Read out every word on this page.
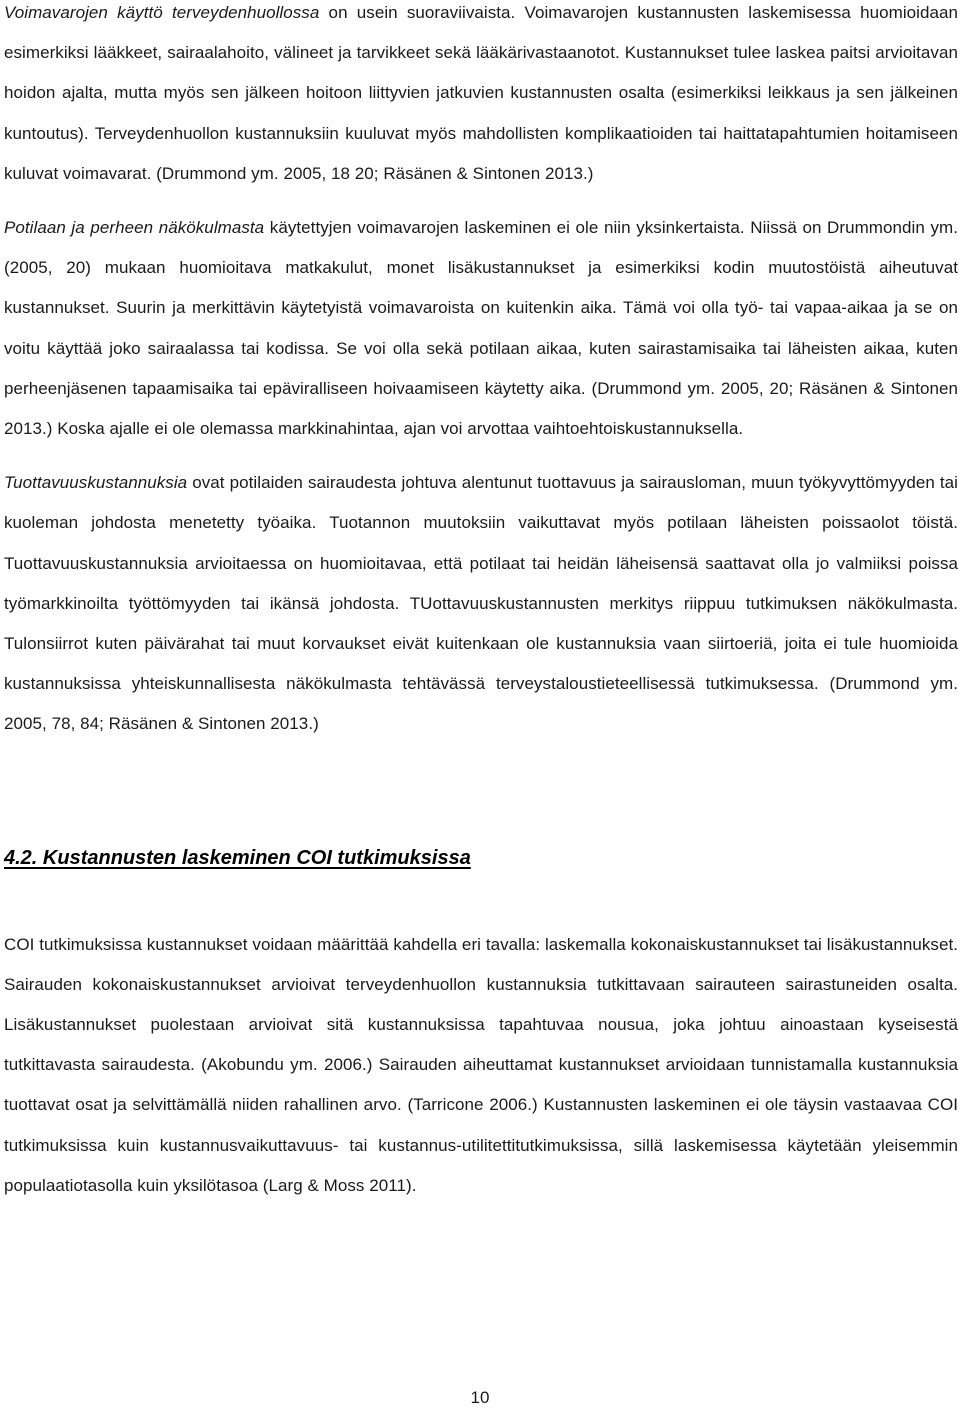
Voimavarojen käyttö terveydenhuollossa on usein suoraviivaista. Voimavarojen kustannusten laskemisessa huomioidaan esimerkiksi lääkkeet, sairaalahoito, välineet ja tarvikkeet sekä lääkärivastaanotot. Kustannukset tulee laskea paitsi arvioitavan hoidon ajalta, mutta myös sen jälkeen hoitoon liittyvien jatkuvien kustannusten osalta (esimerkiksi leikkaus ja sen jälkeinen kuntoutus). Terveydenhuollon kustannuksiin kuuluvat myös mahdollisten komplikaatioiden tai haittatapahtumien hoitamiseen kuluvat voimavarat. (Drummond ym. 2005, 18 20; Räsänen & Sintonen 2013.)

Potilaan ja perheen näkökulmasta käytettyjen voimavarojen laskeminen ei ole niin yksinkertaista. Niissä on Drummondin ym. (2005, 20) mukaan huomioitava matkakulut, monet lisäkustannukset ja esimerkiksi kodin muutostöistä aiheutuvat kustannukset. Suurin ja merkittävin käytetyistä voimavaroista on kuitenkin aika. Tämä voi olla työ- tai vapaa-aikaa ja se on voitu käyttää joko sairaalassa tai kodissa. Se voi olla sekä potilaan aikaa, kuten sairastamisaika tai läheisten aikaa, kuten perheenjäsenen tapaamisaika tai epäviralliseen hoivaamiseen käytetty aika. (Drummond ym. 2005, 20; Räsänen & Sintonen 2013.) Koska ajalle ei ole olemassa markkinahintaa, ajan voi arvottaa vaihtoehtoiskustannuksella.

Tuottavuuskustannuksia ovat potilaiden sairaudesta johtuva alentunut tuottavuus ja sairausloman, muun työkyvyttömyyden tai kuoleman johdosta menetetty työaika. Tuotannon muutoksiin vaikuttavat myös potilaan läheisten poissaolot töistä. Tuottavuuskustannuksia arvioitaessa on huomioitavaa, että potilaat tai heidän läheisensä saattavat olla jo valmiiksi poissa työmarkkinoilta työttömyyden tai ikänsä johdosta. TUottavuuskustannusten merkitys riippuu tutkimuksen näkökulmasta. Tulonsiirrot kuten päivärahat tai muut korvaukset eivät kuitenkaan ole kustannuksia vaan siirtoeriä, joita ei tule huomioida kustannuksissa yhteiskunnallisesta näkökulmasta tehtävässä terveystaloustieteellisessä tutkimuksessa. (Drummond ym. 2005, 78, 84; Räsänen & Sintonen 2013.)

4.2. Kustannusten laskeminen COI tutkimuksissa

COI tutkimuksissa kustannukset voidaan määrittää kahdella eri tavalla: laskemalla kokonaiskustannukset tai lisäkustannukset. Sairauden kokonaiskustannukset arvioivat terveydenhuollon kustannuksia tutkittavaan sairauteen sairastuneiden osalta. Lisäkustannukset puolestaan arvioivat sitä kustannuksissa tapahtuvaa nousua, joka johtuu ainoastaan kyseisestä tutkittavasta sairaudesta. (Akobundu ym. 2006.) Sairauden aiheuttamat kustannukset arvioidaan tunnistamalla kustannuksia tuottavat osat ja selvittämällä niiden rahallinen arvo. (Tarricone 2006.) Kustannusten laskeminen ei ole täysin vastaavaa COI tutkimuksissa kuin kustannusvaikuttavuus- tai kustannus-utilitettitutkimuksissa, sillä laskemisessa käytetään yleisemmin populaatiotasolla kuin yksilötasoa (Larg & Moss 2011).

10
